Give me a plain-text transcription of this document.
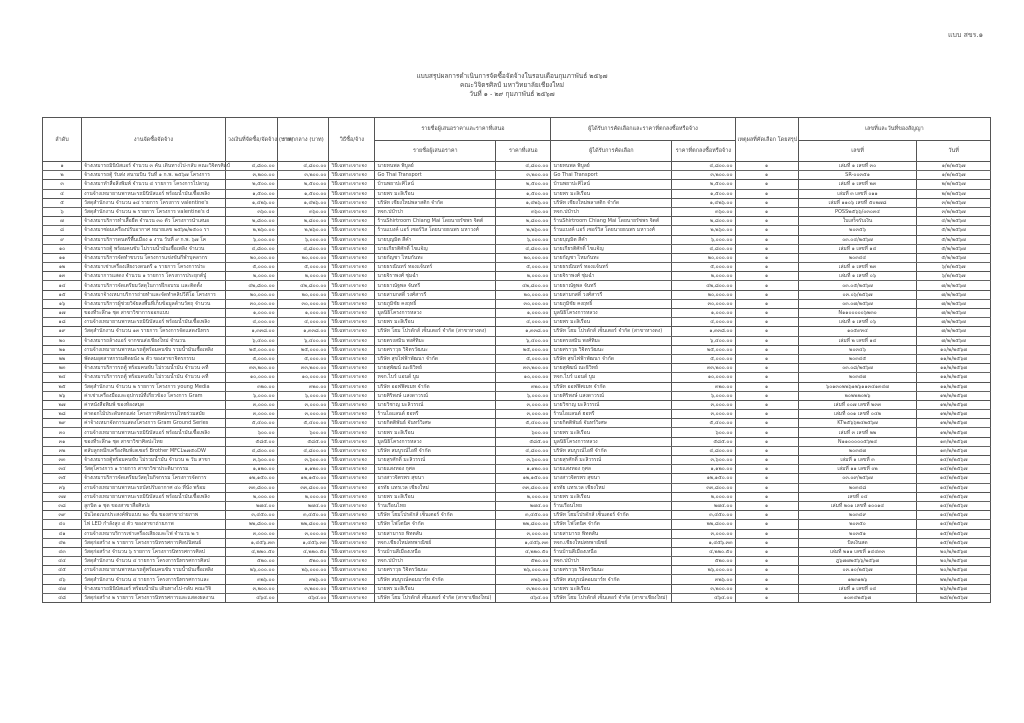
แบบ สขร.๑
แบบสรุปผลการดำเนินการจัดซื้อจัดจ้างในรอบเดือนกุมภาพันธ์ ๒๕๖๗
คณะวิจิตรศิลป์ มหาวิทยาลัยเชียงใหม่
วันที่ ๑ - ๒๙ กุมภาพันธ์ ๒๕๖๗
ลำดับ	งานจัดซื้อจัดจ้าง	วงเงินที่จัดซื้อ/จัดจ้าง (บาท)	ราคากลาง (บาท)	วิธีซื้อ/จ้าง	รายชื่อผู้เสนอราคาและราคาที่เสนอ		ผู้ได้รับการคัดเลือกและราคาที่ตกลงซื้อหรือจ้าง		เหตุผลที่คัดเลือก โดยสรุป	เลขที่และวันที่ของสัญญา	
					รายชื่อผู้เสนอราคา	ราคาที่เสนอ	ผู้ได้รับการคัดเลือก	ราคาที่ตกลงซื้อหรือจ้าง		เลขที่	วันที่
๑	จ้างเหมารถมินิบัสแอร์ จำนวน ๓ คัน เดินทางไป-กลับ คณะวิจิตรศิลป์	๔,๘๐๐.๐๐	๔,๘๐๐.๐๐	วิธีเฉพาะเจาะจง	นายทนพล พิบูลย์	๔,๘๐๐.๐๐	นายทนพล พิบูลย์	๔,๘๐๐.๐๐	๑	เล่มที่ ๑ เลขที่ ๓๐	๑/๒/๒๕๖๗
๒	จ้างเหมารถตู้ รับส่ง สนามบิน วันที่ ๑ ก.พ. ๒๕๖๗ โครงการ	๓,๒๐๐.๐๐	๓,๒๐๐.๐๐	วิธีเฉพาะเจาะจง	Go Thai Transport	๓,๒๐๐.๐๐	Go Thai Transport	๓,๒๐๐.๐๐	๑	SR-๐๐๓๕๑	๑/๒/๒๕๖๗
๓	จ้างเหมาทำสื่อสิ่งพิมพ์ จำนวน ๔ รายการ โครงการไปลาญ	๒,๕๐๐.๐๐	๒,๕๐๐.๐๐	วิธีเฉพาะเจาะจง	บ้านพยาปะศิไลน์	๒,๕๐๐.๐๐	บ้านพยาปะศิไลน์	๒,๕๐๐.๐๐	๑	เล่มที่ ๑ เลขที่ ๒๓	๒/๒/๒๕๖๗
๔	งานจ้างเหมายานพาหนะรถมินิบัสแอร์ พร้อมน้ำมันเชื้อเพลิง	๑,๕๐๐.๐๐	๑,๕๐๐.๐๐	วิธีเฉพาะเจาะจง	นายพร มะลิเรือน	๑,๕๐๐.๐๐	นายพร มะลิเรือน	๑,๕๐๐.๐๐	๑	เล่มที่ ๓ เลขที่ ๐๑๑	๒/๒/๒๕๖๗
๕	วัสดุสำนักงาน จำนวน ๑๔ รายการ โครงการ valentine's	๑,๔๒๖.๐๐	๑,๔๒๖.๐๐	วิธีเฉพาะเจาะจง	บริษัท เชียงใหม่พลาสติก จำกัด	๑,๔๒๖.๐๐	บริษัท เชียงใหม่พลาสติก จำกัด	๑,๔๒๖.๐๐	๑	เล่มที่ ๑๑๐๖ เลขที่ ๕๐๒๗๘	๓/๒/๒๕๖๗
๖	วัสดุสำนักงาน จำนวน ๒ รายการ โครงการ valentine's d	๓๖๐.๐๐	๓๖๐.๐๐	วิธีเฉพาะเจาะจง	หจก.ปป๋าปา	๓๖๐.๐๐	หจก.ปป๋าปา	๓๖๐.๐๐	๑	POSS๒๕๖๖/๐๓๐๓๔	๓/๒/๒๕๖๗
๗	จ้างเหมาบริการทำเสื้อยืด จำนวน ๓๐ ตัว โครงการนำเสนอ	๒,๘๐๐.๐๐	๒,๘๐๐.๐๐	วิธีเฉพาะเจาะจง	ร้านShirtroom Chiang Mai โดยนายรัชพร จิตต์	๒,๘๐๐.๐๐	ร้านShirtroom Chiang Mai โดยนายรัชพร จิตต์	๒,๘๐๐.๐๐	๑	ใบเสร็จรับเงิน	๔/๒/๒๕๖๗
๘	จ้างเหมาซ่อมเครื่องปรับอากาศ หมายเลข ๒๕๖๒/๒๕๐๐ รา	๒,๒๖๐.๐๐	๒,๒๖๐.๐๐	วิธีเฉพาะเจาะจง	ร้านแบงค์ แอร์ เซอร์วิส โดยนายธนพร มหาวงศ์	๒,๒๖๐.๐๐	ร้านแบงค์ แอร์ เซอร์วิส โดยนายธนพร มหาวงศ์	๒,๒๖๐.๐๐	๑	๒๐๓๕๖	๕/๒/๒๕๖๗
๙	จ้างเหมาบริการดนตรีพื้นเมือง ๑ งาน วันที่ ๙ ก.พ. ๖๗ โค	๖,๐๐๐.๐๐	๖,๐๐๐.๐๐	วิธีเฉพาะเจาะจง	นายบุญมิต สีคำ	๖,๐๐๐.๐๐	นายบุญมิต สีคำ	๖,๐๐๐.๐๐	๑	๐๓.๐๔/๒๕๖๗	๕/๒/๒๕๖๗
๑๐	จ้างเหมารถตู้ พร้อมคนขับ ไม่รวมน้ำมันเชื้อเพลิง จำนวน	๔,๘๐๐.๐๐	๔,๘๐๐.๐๐	วิธีเฉพาะเจาะจง	นายเกียรติศักดิ์ ไขแจ้ญ	๔,๘๐๐.๐๐	นายเกียรติศักดิ์ ไขแจ้ญ	๔,๘๐๐.๐๐	๑	เล่มที่ ๑ เลขที่ ๑๔	๕/๒/๒๕๖๗
๑๑	จ้างเหมาบริการจัดทำขบวน โครงการแข่งขันกีฬาบุคลากร	๒๐,๐๐๐.๐๐	๒๐,๐๐๐.๐๐	วิธีเฉพาะเจาะจง	นายกัญชา ไหมกันทะ	๒๐,๐๐๐.๐๐	นายกัญชา ไหมกันทะ	๒๐,๐๐๐.๐๐	๑	๒๐๓๔๔	๕/๒/๒๕๖๗
๑๒	จ้างเหมาเช่าเครื่องเสียงวงดนตรี ๑ รายการ โครงการประ	๕,๐๐๐.๐๐	๕,๐๐๐.๐๐	วิธีเฉพาะเจาะจง	นายธรณินทร์ ทองแจ้นทร์	๕,๐๐๐.๐๐	นายธรณินทร์ ทองแจ้นทร์	๕,๐๐๐.๐๐	๑	เล่มที่ ๑ เลขที่ ๒๓	๖/๒/๒๕๖๗
๑๓	จ้างเหมาการแสดง จำนวน ๑ รายการ โครงการประยุกต์ปู่	๒,๐๐๐.๐๐	๒,๐๐๐.๐๐	วิธีเฉพาะเจาะจง	นายจิราพงศ์ ชุ่มฉ่ำ	๒,๐๐๐.๐๐	นายจิราพงศ์ ชุ่มฉ่ำ	๒,๐๐๐.๐๐	๑	เล่มที่ ๑ เลขที่ ๐๖	๖/๒/๒๕๖๗
๑๔	จ้างเหมาบริการจัดเตรียมวัสดุในการฝึกอบรม และติดตั้ง	๔๒,๘๐๐.๐๐	๔๒,๘๐๐.๐๐	วิธีเฉพาะเจาะจง	นายธาณัฐพล จันทรี	๔๒,๘๐๐.๐๐	นายธาณัฐพล จันทรี	๔๒,๘๐๐.๐๐	๑	๐๓.๐๕/๒๕๖๗	๗/๒/๒๕๖๗
๑๕	จ้างเหมาจ้างเหมาบริการถ่ายทำและจัดทำคลิปวีดีโอ โครงการ	๒๐,๐๐๐.๐๐	๒๐,๐๐๐.๐๐	วิธีเฉพาะเจาะจง	นายสามกสดิ์ วงศ์สารรี	๒๐,๐๐๐.๐๐	นายสามกสดิ์ วงศ์สารรี	๒๐,๐๐๐.๐๐	๑	๐๓.๐๖/๒๕๖๗	๗/๒/๒๕๖๗
๑๖	จ้างเหมาบริการผู้ช่วยวิจัยลงพื้นที่เก็บข้อมูลด้านวัตถุ จำนวน	๓๐,๐๐๐.๐๐	๓๐,๐๐๐.๐๐	วิธีเฉพาะเจาะจง	นายภูมิชัย คงฤทธิ์	๓๐,๐๐๐.๐๐	นายภูมิชัย คงฤทธิ์	๓๐,๐๐๐.๐๐	๑	๐๓.๐๗/๒๕๖๗	๗/๒/๒๕๖๗
๑๗	ของที่ระลึก๑ ชุด สาขาวิชาการออกแบบ	๑,๐๐๐.๐๐	๑,๐๐๐.๐๐	วิธีเฉพาะเจาะจง	มูลนิธิโครงการหลวง	๑,๐๐๐.๐๐	มูลนิธิโครงการหลวง	๑,๐๐๐.๐๐	๑	N๑๑๐๐๐๐๐๖๒๓๐	๗/๒/๒๕๖๗
๑๘	งานจ้างเหมายานพาหนะรถมินิบัสแอร์ พร้อมน้ำมันเชื้อเพลิง	๔,๐๐๐.๐๐	๔,๐๐๐.๐๐	วิธีเฉพาะเจาะจง	นายพร มะลิเรือน	๔,๐๐๐.๐๐	นายพร มะลิเรือน	๔,๐๐๐.๐๐	๑	เล่มที่ ๑ เลขที่ ๐๖	๗/๒/๒๕๖๗
๑๙	วัสดุสำนักงาน จำนวน ๑๓ รายการ โครงการจัดแสดงนิทรร	๑,๓๓๘.๐๐	๑,๓๓๘.๐๐	วิธีเฉพาะเจาะจง	บริษัท โฮม โปรดักส์ เซ็นเตอร์ จำกัด (สาขาหางดง)	๑,๓๓๘.๐๐	บริษัท โฮม โปรดักส์ เซ็นเตอร์ จำกัด (สาขาหางดง)	๑,๓๓๘.๐๐	๑	๑๐๕๙๓๔	๗/๒/๒๕๖๗
๒๐	จ้างเหมารถล้างแอร์ จากขนส่งเชียงใหม่ จำนวน	๖,๔๐๐.๐๐	๖,๔๐๐.๐๐	วิธีเฉพาะเจาะจง	นายตรงสมิน พงศ์ทิมะ	๖,๔๐๐.๐๐	นายตรงสมิน พงศ์ทิมะ	๖,๔๐๐.๐๐	๑	เล่มที่ ๒ เลขที่ ๑๔	๗/๒/๒๕๖๗
๒๑	งานจ้างเหมายานพาหนะรถตู้พร้อมคนขับ รวมน้ำมันเชื้อเพลิง	๒๕,๐๐๐.๐๐	๒๕,๐๐๐.๐๐	วิธีเฉพาะเจาะจง	นายศราวุธ วิจิตรวัฒนะ	๒๕,๐๐๐.๐๐	นายศราวุธ วิจิตรวัฒนะ	๒๕,๐๐๐.๐๐	๑	๒๐๓๔๖	๑๐/๒/๒๕๖๗
๒๒	พัดลมอุตสาหกรรมติดผนัง ๒ ตัว ของสาขาจิตรกรรม	๕,๐๐๐.๐๐	๕,๐๐๐.๐๐	วิธีเฉพาะเจาะจง	บริษัท สุขไฟฟ้าพัฒนา จำกัด	๕,๐๐๐.๐๐	บริษัท สุขไฟฟ้าพัฒนา จำกัด	๕,๐๐๐.๐๐	๑	๒๐๓๔๕	๑๑/๒/๒๕๖๗
๒๓	จ้างเหมาบริการรถตู้ พร้อมคนขับ ไม่รวมน้ำมัน จำนวน ๓ที่	๓๓,๒๐๐.๐๐	๓๓,๒๐๐.๐๐	วิธีเฉพาะเจาะจง	นายสุพัฒน์ ณะธิวิทย์	๓๓,๒๐๐.๐๐	นายสุพัฒน์ ณะธิวิทย์	๓๓,๒๐๐.๐๐	๑	๐๓.๐๘/๒๕๖๗	๑๑/๒/๒๕๖๗
๒๔	จ้างเหมาบริการรถตู้ พร้อมคนขับ ไม่รวมน้ำมัน จำนวน ๓ที่	๑๐,๐๐๐.๐๐	๑๐,๐๐๐.๐๐	วิธีเฉพาะเจาะจง	หจก.ไบร์ แอนด์ บูม	๑๐,๐๐๐.๐๐	หจก.ไบร์ แอนด์ บูม	๑๐,๐๐๐.๐๐	๑	๒๐๓๔๗	๑๑/๒/๒๕๖๗
๒๕	วัสดุสำนักงาน จำนวน ๒ รายการ โครงการ young Media	๓๒๐.๐๐	๓๒๐.๐๐	วิธีเฉพาะเจาะจง	บริษัท ออฟฟิศเมท จำกัด	๓๒๐.๐๐	บริษัท ออฟฟิศเมท จำกัด	๓๒๐.๐๐	๑	๖๐๑๓๐๒๒๖๑๒๖๑๑๓๔๑๓๔๗	๑๑/๒/๒๕๖๗
๒๖	ค่าเช่าเครื่องมือและอุปกรณ์ที่เกี่ยวข้อง โครงการ Gram	๖,๐๐๐.๐๐	๖,๐๐๐.๐๐	วิธีเฉพาะเจาะจง	นายศิริพงษ์ แสงดาวรณ์	๖,๐๐๐.๐๐	นายศิริพงษ์ แสงดาวรณ์	๖,๐๐๐.๐๐	๑	๒๐๒๒๒๐๒๖	๑๒/๒/๒๕๖๗
๒๗	ค่าหนังสือพิมพ์ ของห้องสมุด	๓,๐๐๐.๐๐	๓,๐๐๐.๐๐	วิธีเฉพาะเจาะจง	นายวิชาญ มะลิวรรณ์	๓,๐๐๐.๐๐	นายวิชาญ มะลิวรรณ์	๓,๐๐๐.๐๐	๑	เล่มที่ ๐๐๗ เลขที่ ๒๓๓	๑๒/๒/๒๕๖๗
๒๘	ค่าดอกไม้ประดับตกแต่ง โครงการศิลปกรรมไทยร่วมสมัย	๓,๐๐๐.๐๐	๓,๐๐๐.๐๐	วิธีเฉพาะเจาะจง	ร้านไอแลนด์ ฮอทรี	๓,๐๐๐.๐๐	ร้านไอแลนด์ ฮอทรี	๓,๐๐๐.๐๐	๑	เล่มที่ ๐๐๑ เลขที่ ๐๔๒	๑๒/๒/๒๕๖๗
๒๙	ค่าจ้างเหมาจัดการแสดงโครงการ Gram Ground Series	๕,๔๐๐.๐๐	๕,๔๐๐.๐๐	วิธีเฉพาะเจาะจง	นายกิตติพันธ์ จันทร์วิเศษ	๕,๔๐๐.๐๐	นายกิตติพันธ์ จันทร์วิเศษ	๕,๔๐๐.๐๐	๑	KT๒๕๖๖๒๔๒๕๖๗	๑๒/๒/๒๕๖๗
๓๐	งานจ้างเหมายานพาหนะรถมินิบัสแอร์ พร้อมน้ำมันเชื้อเพลิง	๖๐๐.๐๐	๖๐๐.๐๐	วิธีเฉพาะเจาะจง	นายพร มะลิเรือน	๖๐๐.๐๐	นายพร มะลิเรือน	๖๐๐.๐๐	๑	เล่มที่ ๓ เลขที่ ๒๒	๑๒/๒/๒๕๖๗
๓๑	ของที่ระลึก๑ ชุด สาขาวิชาศิลปะไทย	๕๘๕.๐๐	๕๘๕.๐๐	วิธีเฉพาะเจาะจง	มูลนิธิโครงการหลวง	๕๘๕.๐๐	มูลนิธิโครงการหลวง	๕๘๕.๐๐	๑	N๑๑๐๐๐๐๐๕๖๒๔	๑๓/๒/๒๕๖๗
๓๒	ตลับลูกหมึกเครื่องพิมพ์เลเซอร์ Brother MFCL๒๗๕๐DW	๔,๘๐๐.๐๐	๔,๘๐๐.๐๐	วิธีเฉพาะเจาะจง	บริษัท สมบูรณ์ไอที จำกัด	๔,๘๐๐.๐๐	บริษัท สมบูรณ์ไอที จำกัด	๔,๘๐๐.๐๐	๑	๒๐๓๔๗	๑๓/๒/๒๕๖๗
๓๓	จ้างเหมารถตู้พร้อมคนขับ ไม่รวมน้ำมัน จำนวน ๒ วัน สาขา	๓,๖๐๐.๐๐	๓,๖๐๐.๐๐	วิธีเฉพาะเจาะจง	นายสุรศักดิ์ มะลิวรรณ์	๓,๖๐๐.๐๐	นายสุรศักดิ์ มะลิวรรณ์	๓,๖๐๐.๐๐	๑	เล่มที่ ๑ เลขที่ ๓	๑๔/๒/๒๕๖๗
๓๔	วัสดุโครงการ ๑ รายการ สาขาวิชาประติมากรรม	๑,๑๒๐.๐๐	๑,๑๒๐.๐๐	วิธีเฉพาะเจาะจง	นายแสงทอง กุศล	๑,๑๒๐.๐๐	นายแสงทอง กุศล	๑,๑๒๐.๐๐	๑	เล่มที่ ๑๑ เลขที่ ๐๒	๑๔/๒/๒๕๖๗
๓๕	จ้างเหมาบริการจัดเตรียมวัสดุในกิจกรรม โครงการจัดการ	๑๒,๑๕๐.๐๐	๑๒,๑๕๐.๐๐	วิธีเฉพาะเจาะจง	นางสาวจิตรพร สุขนา	๑๒,๑๕๐.๐๐	นางสาวจิตรพร สุขนา	๑๒,๑๕๐.๐๐	๑	๐๓.๐๙/๒๕๖๗	๑๔/๒/๒๕๖๗
๓๖	งานจ้างเหมายานพาหนะรถบัสปรับอากาศ ๔๐ ที่นั่ง พร้อม	๓๓,๘๐๐.๐๐	๓๓,๘๐๐.๐๐	วิธีเฉพาะเจาะจง	อรทัย แทรเวล เชียงใหม่	๓๓,๘๐๐.๐๐	อรทัย แทรเวล เชียงใหม่	๓๓,๘๐๐.๐๐	๑	๒๐๓๔๘	๑๔/๒/๒๕๖๗
๓๗	งานจ้างเหมายานพาหนะรถมินิบัสแอร์ พร้อมน้ำมันเชื้อเพลิง	๒,๐๐๐.๐๐	๒,๐๐๐.๐๐	วิธีเฉพาะเจาะจง	นายพร มะลิเรือน	๒,๐๐๐.๐๐	นายพร มะลิเรือน	๒,๐๐๐.๐๐	๑	เลขที่ ๐๔	๑๔/๒/๒๕๖๗
๓๘	ลูกบิด ๑ ชุด ของสาขาสื่อศิลปะ	๒๗๔.๐๐	๒๗๔.๐๐	วิธีเฉพาะเจาะจง	ร้านเรือนไทย	๒๗๔.๐๐	ร้านเรือนไทย	๒๗๔.๐๐	๑	เล่มที่ ๒๐๑ เลขที่ ๑๐๐๑๔	๑๔/๒/๒๕๖๗
๓๙	บันไดอเนกประสงค์พับแบบ ๒๐ ขั้น ของสาขาถ่ายภาพ	๓,๔๕๐.๐๐	๓,๔๕๐.๐๐	วิธีเฉพาะเจาะจง	บริษัท โฮมโปรดักส์ เซ็นเตอร์ จำกัด	๓,๔๕๐.๐๐	บริษัท โฮมโปรดักส์ เซ็นเตอร์ จำกัด	๓,๔๕๐.๐๐	๑	๒๐๓๔๙	๑๔/๒/๒๕๖๗
๔๐	ไฟ LED กำลังสูง ๔ ตัว ของสาขาถ่ายภาพ	๒๒,๘๐๐.๐๐	๒๒,๘๐๐.๐๐	วิธีเฉพาะเจาะจง	บริษัท ไฟโตนิค จำกัด	๒๒,๘๐๐.๐๐	บริษัท ไฟโตนิค จำกัด	๒๒,๘๐๐.๐๐	๑	๒๐๓๕๐	๑๔/๒/๒๕๖๗
๔๑	งานจ้างเหมาบริการเช่าเครื่องเสียงและไฟ จำนวน ๒ ร	๓,๐๐๐.๐๐	๓,๐๐๐.๐๐	วิธีเฉพาะเจาะจง	นายสามารถ พิทตสัน	๓,๐๐๐.๐๐	นายสามารถ พิทตสัน	๓,๐๐๐.๐๐	๑	๒๐๓๕๑	๑๕/๒/๒๕๖๗
๔๒	วัสดุก่อสร้าง ๒ รายการ โครงการนิทรรศการศิลปนิพนธ์	๑,๔๕๖.๓๓	๑,๔๕๖.๓๓	วิธีเฉพาะเจาะจง	หจก.เชียงใหม่สหพาณิชย์	๑,๔๕๖.๓๓	หจก.เชียงใหม่สหพาณิชย์	๑,๔๕๖.๓๓	๑	บิลเงินสด	๑๕/๒/๒๕๖๗
๔๓	วัสดุก่อสร้าง จำนวน ๖ รายการ โครงการนิทรรศการศิลป	๔,๒๒๐.๕๐	๔,๒๒๐.๕๐	วิธีเฉพาะเจาะจง	ร้านบ้านสีเมืองเหนือ	๔,๒๒๐.๕๐	ร้านบ้านสีเมืองเหนือ	๔,๒๒๐.๕๐	๑	เล่มที่ ๒๑๑ เลขที่ ๑๔๔๓๓	๒๐/๒/๒๕๖๗
๔๔	วัสดุสำนักงาน จำนวน ๔ รายการ โครงการนิทรรศการศิลป	๕๒๐.๐๐	๕๒๐.๐๐	วิธีเฉพาะเจาะจง	หจก.ปป๋าปา	๕๒๐.๐๐	หจก.ปป๋าปา	๕๒๐.๐๐	๑	ฎ๖๗๗๒๕๖๖/๒๕๖๗	๒๐/๒/๒๕๖๗
๔๕	งานจ้างเหมายานพาหนะรถตู้พร้อมคนขับ รวมน้ำมันเชื้อเพลิง	๒๖,๐๐๐.๐๐	๒๖,๐๐๐.๐๐	วิธีเฉพาะเจาะจง	นายศราวุธ วิจิตรวัฒนะ	๒๖,๐๐๐.๐๐	นายศราวุธ วิจิตรวัฒนะ	๒๖,๐๐๐.๐๐	๑	๐๓.๑๐/๒๕๖๗	๒๐/๒/๒๕๖๗
๔๖	วัสดุสำนักงาน จำนวน ๔ รายการ โครงการนิทรรศการและ	๓๒๖.๐๐	๓๒๖.๐๐	วิธีเฉพาะเจาะจง	บริษัท สมบูรณ์คอมมาร์ท จำกัด	๓๒๖.๐๐	บริษัท สมบูรณ์คอมมาร์ท จำกัด	๓๒๖.๐๐	๑	๑๒๓๑๒๖	๒๒/๒/๒๕๖๗
๔๗	จ้างเหมารถมินิบัสแอร์ พร้อมน้ำมัน เดินทางไป-กลับ คณะวิจิ	๓,๒๐๐.๐๐	๓,๒๐๐.๐๐	วิธีเฉพาะเจาะจง	นายพร มะลิเรือน	๓,๒๐๐.๐๐	นายพร มะลิเรือน	๓,๒๐๐.๐๐	๑	เล่มที่ ๑ เลขที่ ๐๔	๒๖/๒/๒๕๖๗
๔๘	วัสดุก่อสร้าง ๒ รายการ โครงการนิทรรศการและแสดงผลงาน	๔๖๔.๐๐	๔๖๔.๐๐	วิธีเฉพาะเจาะจง	บริษัท โฮม โปรดักส์ เซ็นเตอร์ จำกัด (สาขาเชียงใหม่)	๔๖๔.๐๐	บริษัท โฮม โปรดักส์ เซ็นเตอร์ จำกัด (สาขาเชียงใหม่)	๔๖๔.๐๐	๑	๑๐๓๔๒๕๖๗	๒๘/๒/๒๕๖๗
